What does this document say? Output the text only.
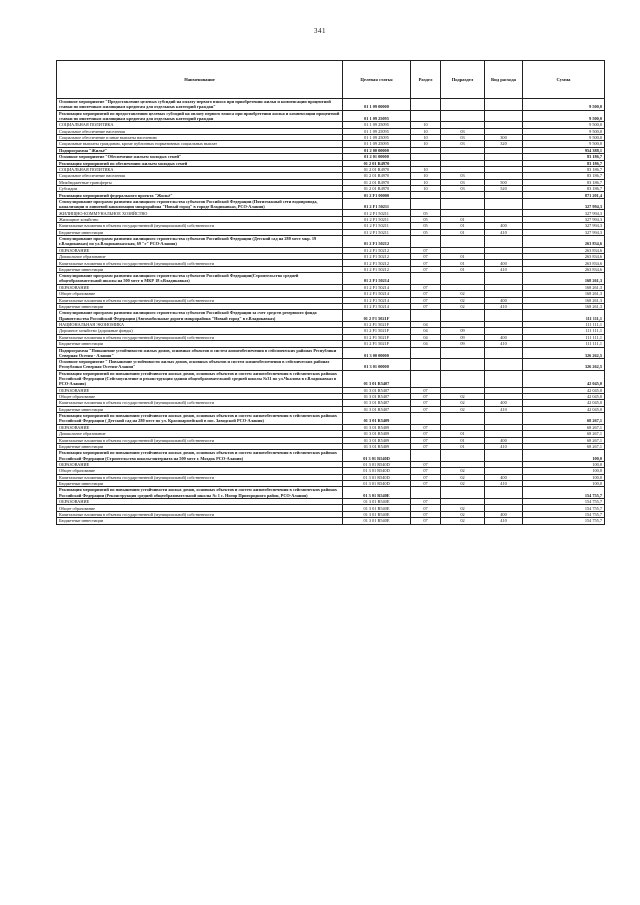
341
Наименование	Целевая статья	Раздел	Подраздел	Вид расхода	Сумма
Основное мероприятие "Предоставление целевых субсидий на оплату первого взноса при приобретении жилья и компенсации процентной ставки по ипотечным жилищным кредитам для отдельных категорий граждан"	01 1 09 00000				9 500,0
Реализация мероприятий по предоставлению целевых субсидий на оплату первого взноса при приобретении жилья и компенсации процентной ставки по ипотечным жилищным кредитам для отдельных категорий граждан	01 1 09 25095				9 500,0
СОЦИАЛЬНАЯ ПОЛИТИКА	01 1 09 25095	10			9 500,0
Социальное обеспечение населения	01 1 09 25095	10	03		9 500,0
Социальное обеспечение и иные выплаты населению	01 1 09 25095	10	03	300	9 500,0
Социальные выплаты гражданам, кроме публичных нормативных социальных выплат	01 1 09 25095	10	03	320	9 500,0
Подпрограмма "Жильё"	01 2 00 00000				954 388,1
Основное мероприятие "Обеспечение жильем молодых семей"	01 2 01 00000				83 186,7
Реализация мероприятий по обеспечению жильем молодых семей	01 2 01 R4970				83 186,7
СОЦИАЛЬНАЯ ПОЛИТИКА	01 2 01 R4970	10			83 186,7
Социальное обеспечение населения	01 2 01 R4970	10	03		83 186,7
Межбюджетные трансферты	01 2 01 R4970	10	03	500	83 186,7
Субсидии	01 2 01 R4970	10	03	520	83 186,7
Реализация мероприятий федерального проекта "Жильё"	01 2 F1 00000				871 201,4
Стимулирование программ развития жилищного строительства субъектов Российской Федерации (Пятиэтажный сети водопровода, канализации и ливневой канализации микрорайона "Новый город" в городе Владикавказ, РСО-Алания)	01 2 F1 50211				327 994,3
ЖИЛИЩНО-КОММУНАЛЬНОЕ ХОЗЯЙСТВО	01 2 F1 50211	05			327 994,3
Жилищное хозяйство	01 2 F1 50211	05	01		327 994,3
Капитальные вложения в объекты государственной (муниципальной) собственности	01 2 F1 50211	05	01	400	327 994,3
Бюджетные инвестиции	01 2 F1 50211	05	01	410	327 994,3
Стимулирование программ развития жилищного строительства субъектов Российской Федерации (Детский сад на 280 мест мкр. 19 г.Владикавказ) по ул.Владикавказская, 69 "г" РСО-Алания)	01 2 F1 50212				263 834,6
ОБРАЗОВАНИЕ	01 2 F1 50212	07			263 834,6
Дошкольное образование	01 2 F1 50212	07	01		263 834,6
Капитальные вложения в объекты государственной (муниципальной) собственности	01 2 F1 50212	07	01	400	263 834,6
Бюджетные инвестиции	01 2 F1 50212	07	01	410	263 834,6
Стимулирование программ развития жилищного строительства субъектов Российской Федерации(Строительство средней общеобразовательной школы на 500 мест в МКР 18 г.Владикавказ)	01 2 F1 50214				168 261,3
ОБРАЗОВАНИЕ	01 2 F1 50214	07			168 261,3
Общее образование	01 2 F1 50214	07	02		168 261,3
Капитальные вложения в объекты государственной (муниципальной) собственности	01 2 F1 50214	07	02	400	168 261,3
Бюджетные инвестиции	01 2 F1 50214	07	02	410	168 261,3
Стимулирование программ развития жилищного строительства субъектов Российской Федерации за счет средств резервного фонда Правительства Российской Федерации (Автомобильные дороги микрорайона "Новый город" в г.Владикавказ)	01 2 F1 5021F				111 111,1
НАЦИОНАЛЬНАЯ ЭКОНОМИКА	01 2 F1 5021F	04			111 111,1
Дорожное хозяйство (дорожные фонды)	01 2 F1 5021F	04	09		111 111,1
Капитальные вложения в объекты государственной (муниципальной) собственности	01 2 F1 5021F	04	09	400	111 111,1
Бюджетные инвестиции	01 2 F1 5021F	04	09	410	111 111,1
Подпрограмма "Повышение устойчивости жилых домов, основных объектов и систем жизнеобеспечения в сейсмических районах Республики Северная Осетия - Алания"	01 3 00 00000				326 262,5
Основное мероприятие " Повышение устойчивости жилых домов, основных объектов и систем жизнеобеспечения в сейсмических районах Республики Северная Осетия-Алания"	01 3 01 00000				326 262,5
Реализация мероприятий по повышению устойчивости жилых домов, основных объектов и систем жизнеобеспечения в сейсмических районах Российской Федерации (Сейсмоусиление и реконструкция здания общеобразовательной средней школы №31 по ул.Чкалова в г.Владикавказ в РСО-Алания)	01 3 01 R5407				42 045,0
ОБРАЗОВАНИЕ	01 3 01 R5407	07			42 045,0
Общее образование	01 3 01 R5407	07	02		42 045,0
Капитальные вложения в объекты государственной (муниципальной) собственности	01 3 01 R5407	07	02	400	42 045,0
Бюджетные инвестиции	01 3 01 R5407	07	02	410	42 045,0
Реализация мероприятий по повышению устойчивости жилых домов, основных объектов и систем жизнеобеспечения в сейсмических районах Российской Федерации ( Детский сад на 280 мест по ул. Красноармейской в пос. Заводской РСО-Алания)	01 3 01 R5409				68 267,1
ОБРАЗОВАНИЕ	01 3 01 R5409	07			68 267,1
Дошкольное образование	01 3 01 R5409	07	01		68 267,1
Капитальные вложения в объекты государственной (муниципальной) собственности	01 3 01 R5409	07	01	400	68 267,1
Бюджетные инвестиции	01 3 01 R5409	07	01	410	68 267,1
Реализация мероприятий по повышению устойчивости жилых домов, основных объектов и систем жизнеобеспечения в сейсмических районах Российской Федерации (Строительство школы-интерната на 500 мест г. Моздок РСО-Алания)	01 3 01 R540D				100,0
ОБРАЗОВАНИЕ	01 3 01 R540D	07			100,0
Общее образование	01 3 01 R540D	07	02		100,0
Капитальные вложения в объекты государственной (муниципальной) собственности	01 3 01 R540D	07	02	400	100,0
Бюджетные инвестиции	01 3 01 R540D	07	02	410	100,0
Реализация мероприятий по повышению устойчивости жилых домов, основных объектов и систем жизнеобеспечения в сейсмических районах Российской Федерации (Реконструкция средней общеобразовательной школы № 1 с. Ногир Пригородного район, РСО-Алания)	01 3 01 R540E				154 755,7
ОБРАЗОВАНИЕ	01 3 01 R540E	07			154 755,7
Общее образование	01 3 01 R540E	07	02		154 755,7
Капитальные вложения в объекты государственной (муниципальной) собственности	01 3 01 R540E	07	02	400	154 755,7
Бюджетные инвестиции	01 3 01 R540E	07	02	410	154 755,7
